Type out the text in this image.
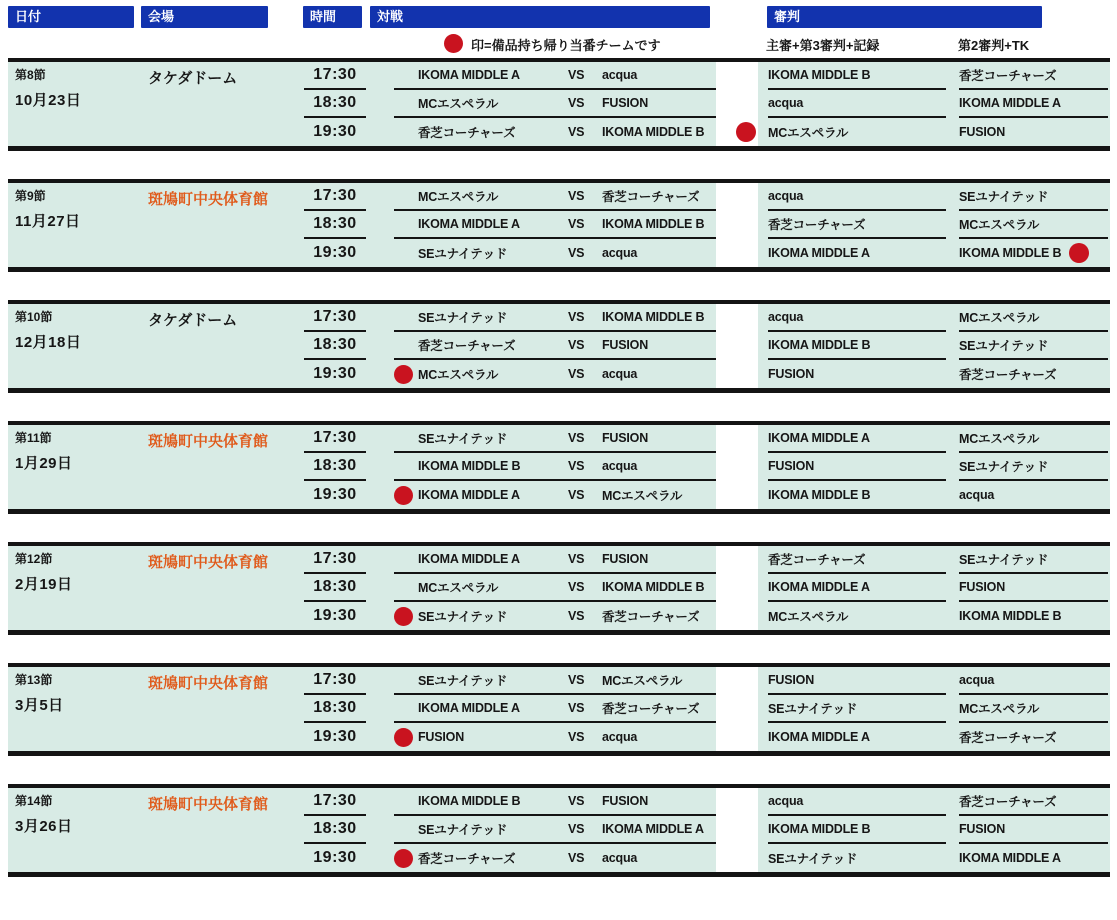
日付	会場	時間	対戦	審判
印=備品持ち帰り当番チームです	主審+第3審判+記録	第2審判+TK
第8節
10月23日
タケダドーム	17:30	IKOMA MIDDLE A	VS	acqua	IKOMA MIDDLE B	香芝コーチャーズ
18:30	MCエスペラル	VS	FUSION	acqua	IKOMA MIDDLE A
19:30	香芝コーチャーズ	VS	IKOMA MIDDLE B	MCエスペラル	FUSION
第9節
11月27日
斑鳩町中央体育館	17:30	MCエスペラル	VS	香芝コーチャーズ	acqua	SEユナイテッド
18:30	IKOMA MIDDLE A	VS	IKOMA MIDDLE B	香芝コーチャーズ	MCエスペラル
19:30	SEユナイテッド	VS	acqua	IKOMA MIDDLE A	IKOMA MIDDLE B
第10節
12月18日
タケダドーム	17:30	SEユナイテッド	VS	IKOMA MIDDLE B	acqua	MCエスペラル
18:30	香芝コーチャーズ	VS	FUSION	IKOMA MIDDLE B	SEユナイテッド
19:30	MCエスペラル	VS	acqua	FUSION	香芝コーチャーズ
第11節
1月29日
斑鳩町中央体育館	17:30	SEユナイテッド	VS	FUSION	IKOMA MIDDLE A	MCエスペラル
18:30	IKOMA MIDDLE B	VS	acqua	FUSION	SEユナイテッド
19:30	IKOMA MIDDLE A	VS	MCエスペラル	IKOMA MIDDLE B	acqua
第12節
2月19日
斑鳩町中央体育館	17:30	IKOMA MIDDLE A	VS	FUSION	香芝コーチャーズ	SEユナイテッド
18:30	MCエスペラル	VS	IKOMA MIDDLE B	IKOMA MIDDLE A	FUSION
19:30	SEユナイテッド	VS	香芝コーチャーズ	MCエスペラル	IKOMA MIDDLE B
第13節
3月5日
斑鳩町中央体育館	17:30	SEユナイテッド	VS	MCエスペラル	FUSION	acqua
18:30	IKOMA MIDDLE A	VS	香芝コーチャーズ	SEユナイテッド	MCエスペラル
19:30	FUSION	VS	acqua	IKOMA MIDDLE A	香芝コーチャーズ
第14節
3月26日
斑鳩町中央体育館	17:30	IKOMA MIDDLE B	VS	FUSION	acqua	香芝コーチャーズ
18:30	SEユナイテッド	VS	IKOMA MIDDLE A	IKOMA MIDDLE B	FUSION
19:30	香芝コーチャーズ	VS	acqua	SEユナイテッド	IKOMA MIDDLE A
